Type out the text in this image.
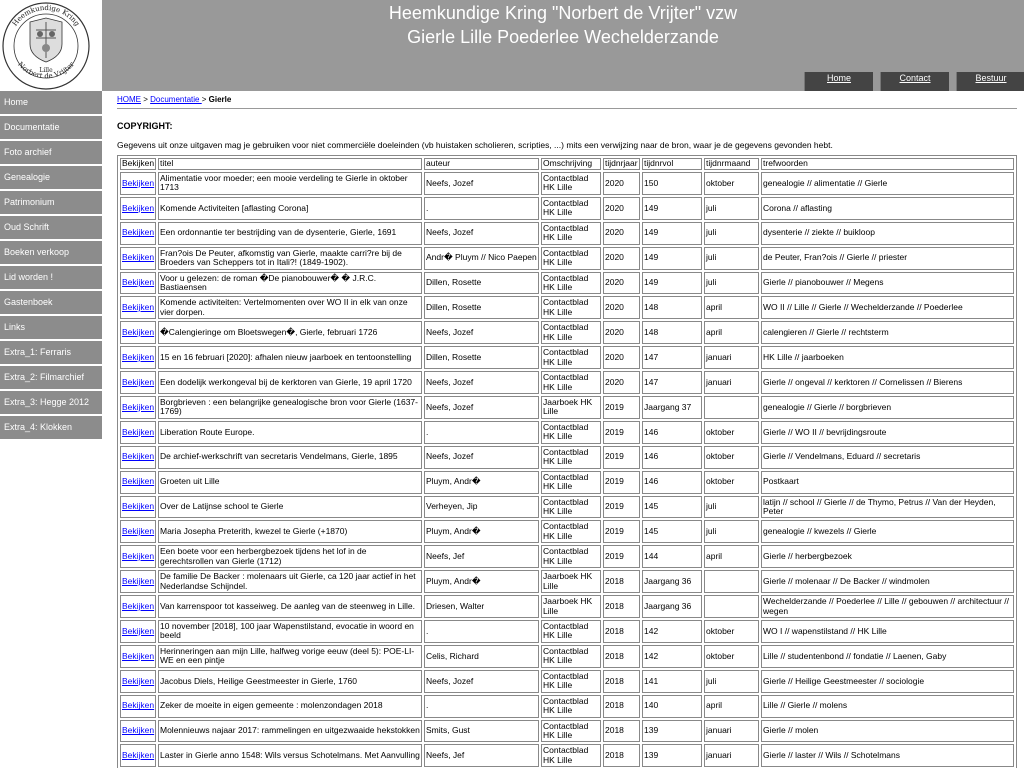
Heemkundige Kring
Norbert de Vrijter
Lille
Heemkundige Kring "Norbert de Vrijter" vzw
Gierle Lille Poederlee Wechelderzande
Home	Contact	Bestuur
Home
Documentatie
Foto archief
Genealogie
Patrimonium
Oud Schrift
Boeken verkoop
Lid worden !
Gastenboek
Links
Extra_1: Ferraris
Extra_2: Filmarchief
Extra_3: Hegge 2012
Extra_4: Klokken
HOME > Documentatie > Gierle
COPYRIGHT:
Gegevens uit onze uitgaven mag je gebruiken voor niet commerciële doeleinden (vb huistaken scholieren, scripties, ...) mits een verwijzing naar de bron, waar je de gegevens gevonden hebt.
Bekijken	titel	auteur	Omschrijving	tijdnrjaar	tijdnrvol	tijdnrmaand	trefwoorden
Bekijken	Alimentatie voor moeder; een mooie verdeling te Gierle in oktober 1713	Neefs, Jozef	Contactblad HK Lille	2020	150	oktober	genealogie // alimentatie // Gierle
Bekijken	Komende Activiteiten [aflasting Corona]	.	Contactblad HK Lille	2020	149	juli	Corona // aflasting
Bekijken	Een ordonnantie ter bestrijding van de dysenterie, Gierle, 1691	Neefs, Jozef	Contactblad HK Lille	2020	149	juli	dysenterie // ziekte // buikloop
Bekijken	Fran?ois De Peuter, afkomstig van Gierle, maakte carri?re bij de Broeders van Scheppers tot in Itali?! (1849-1902).	Andr� Pluym // Nico Paepen	Contactblad HK Lille	2020	149	juli	de Peuter, Fran?ois // Gierle // priester
Bekijken	Voor u gelezen: de roman �De pianobouwer� � J.R.C. Bastiaensen	Dillen, Rosette	Contactblad HK Lille	2020	149	juli	Gierle // pianobouwer // Megens
Bekijken	Komende activiteiten: Vertelmomenten over WO II in elk van onze vier dorpen.	Dillen, Rosette	Contactblad HK Lille	2020	148	april	WO II // Lille // Gierle // Wechelderzande // Poederlee
Bekijken	�Calengieringe om Bloetswegen�, Gierle, februari 1726	Neefs, Jozef	Contactblad HK Lille	2020	148	april	calengieren // Gierle // rechtsterm
Bekijken	15 en 16 februari [2020]: afhalen nieuw jaarboek en tentoonstelling	Dillen, Rosette	Contactblad HK Lille	2020	147	januari	HK Lille // jaarboeken
Bekijken	Een dodelijk werkongeval bij de kerktoren van Gierle, 19 april 1720	Neefs, Jozef	Contactblad HK Lille	2020	147	januari	Gierle // ongeval // kerktoren // Cornelissen // Bierens
Bekijken	Borgbrieven : een belangrijke genealogische bron voor Gierle (1637-1769)	Neefs, Jozef	Jaarboek HK Lille	2019	Jaargang 37		genealogie // Gierle // borgbrieven
Bekijken	Liberation Route Europe.	.	Contactblad HK Lille	2019	146	oktober	Gierle // WO II // bevrijdingsroute
Bekijken	De archief-werkschrift van secretaris Vendelmans, Gierle, 1895	Neefs, Jozef	Contactblad HK Lille	2019	146	oktober	Gierle // Vendelmans, Eduard // secretaris
Bekijken	Groeten uit Lille	Pluym, Andr�	Contactblad HK Lille	2019	146	oktober	Postkaart
Bekijken	Over de Latijnse school te Gierle	Verheyen, Jip	Contactblad HK Lille	2019	145	juli	latijn // school // Gierle // de Thymo, Petrus // Van der Heyden, Peter
Bekijken	Maria Josepha Preterith, kwezel te Gierle (+1870)	Pluym, Andr�	Contactblad HK Lille	2019	145	juli	genealogie // kwezels // Gierle
Bekijken	Een boete voor een herbergbezoek tijdens het lof in de gerechtsrollen van Gierle (1712)	Neefs, Jef	Contactblad HK Lille	2019	144	april	Gierle // herbergbezoek
Bekijken	De familie De Backer : molenaars uit Gierle, ca 120 jaar actief in het Nederlandse Schijndel.	Pluym, Andr�	Jaarboek HK Lille	2018	Jaargang 36		Gierle // molenaar // De Backer // windmolen
Bekijken	Van karrenspoor tot kasseiweg. De aanleg van de steenweg in Lille.	Driesen, Walter	Jaarboek HK Lille	2018	Jaargang 36		Wechelderzande // Poederlee // Lille // gebouwen // architectuur // wegen
Bekijken	10 november [2018], 100 jaar Wapenstilstand, evocatie in woord en beeld	.	Contactblad HK Lille	2018	142	oktober	WO I // wapenstilstand // HK Lille
Bekijken	Herinneringen aan mijn Lille, halfweg vorige eeuw (deel 5): POE-LI-WE en een pintje	Celis, Richard	Contactblad HK Lille	2018	142	oktober	Lille // studentenbond // fondatie // Laenen, Gaby
Bekijken	Jacobus Diels, Heilige Geestmeester in Gierle, 1760	Neefs, Jozef	Contactblad HK Lille	2018	141	juli	Gierle // Heilige Geestmeester // sociologie
Bekijken	Zeker de moeite in eigen gemeente : molenzondagen 2018	.	Contactblad HK Lille	2018	140	april	Lille // Gierle // molens
Bekijken	Molennieuws najaar 2017: rammelingen en uitgezwaaide hekstokken	Smits, Gust	Contactblad HK Lille	2018	139	januari	Gierle // molen
Bekijken	Laster in Gierle anno 1548: Wils versus Schotelmans. Met Aanvulling	Neefs, Jef	Contactblad HK Lille	2018	139	januari	Gierle // laster // Wils // Schotelmans
